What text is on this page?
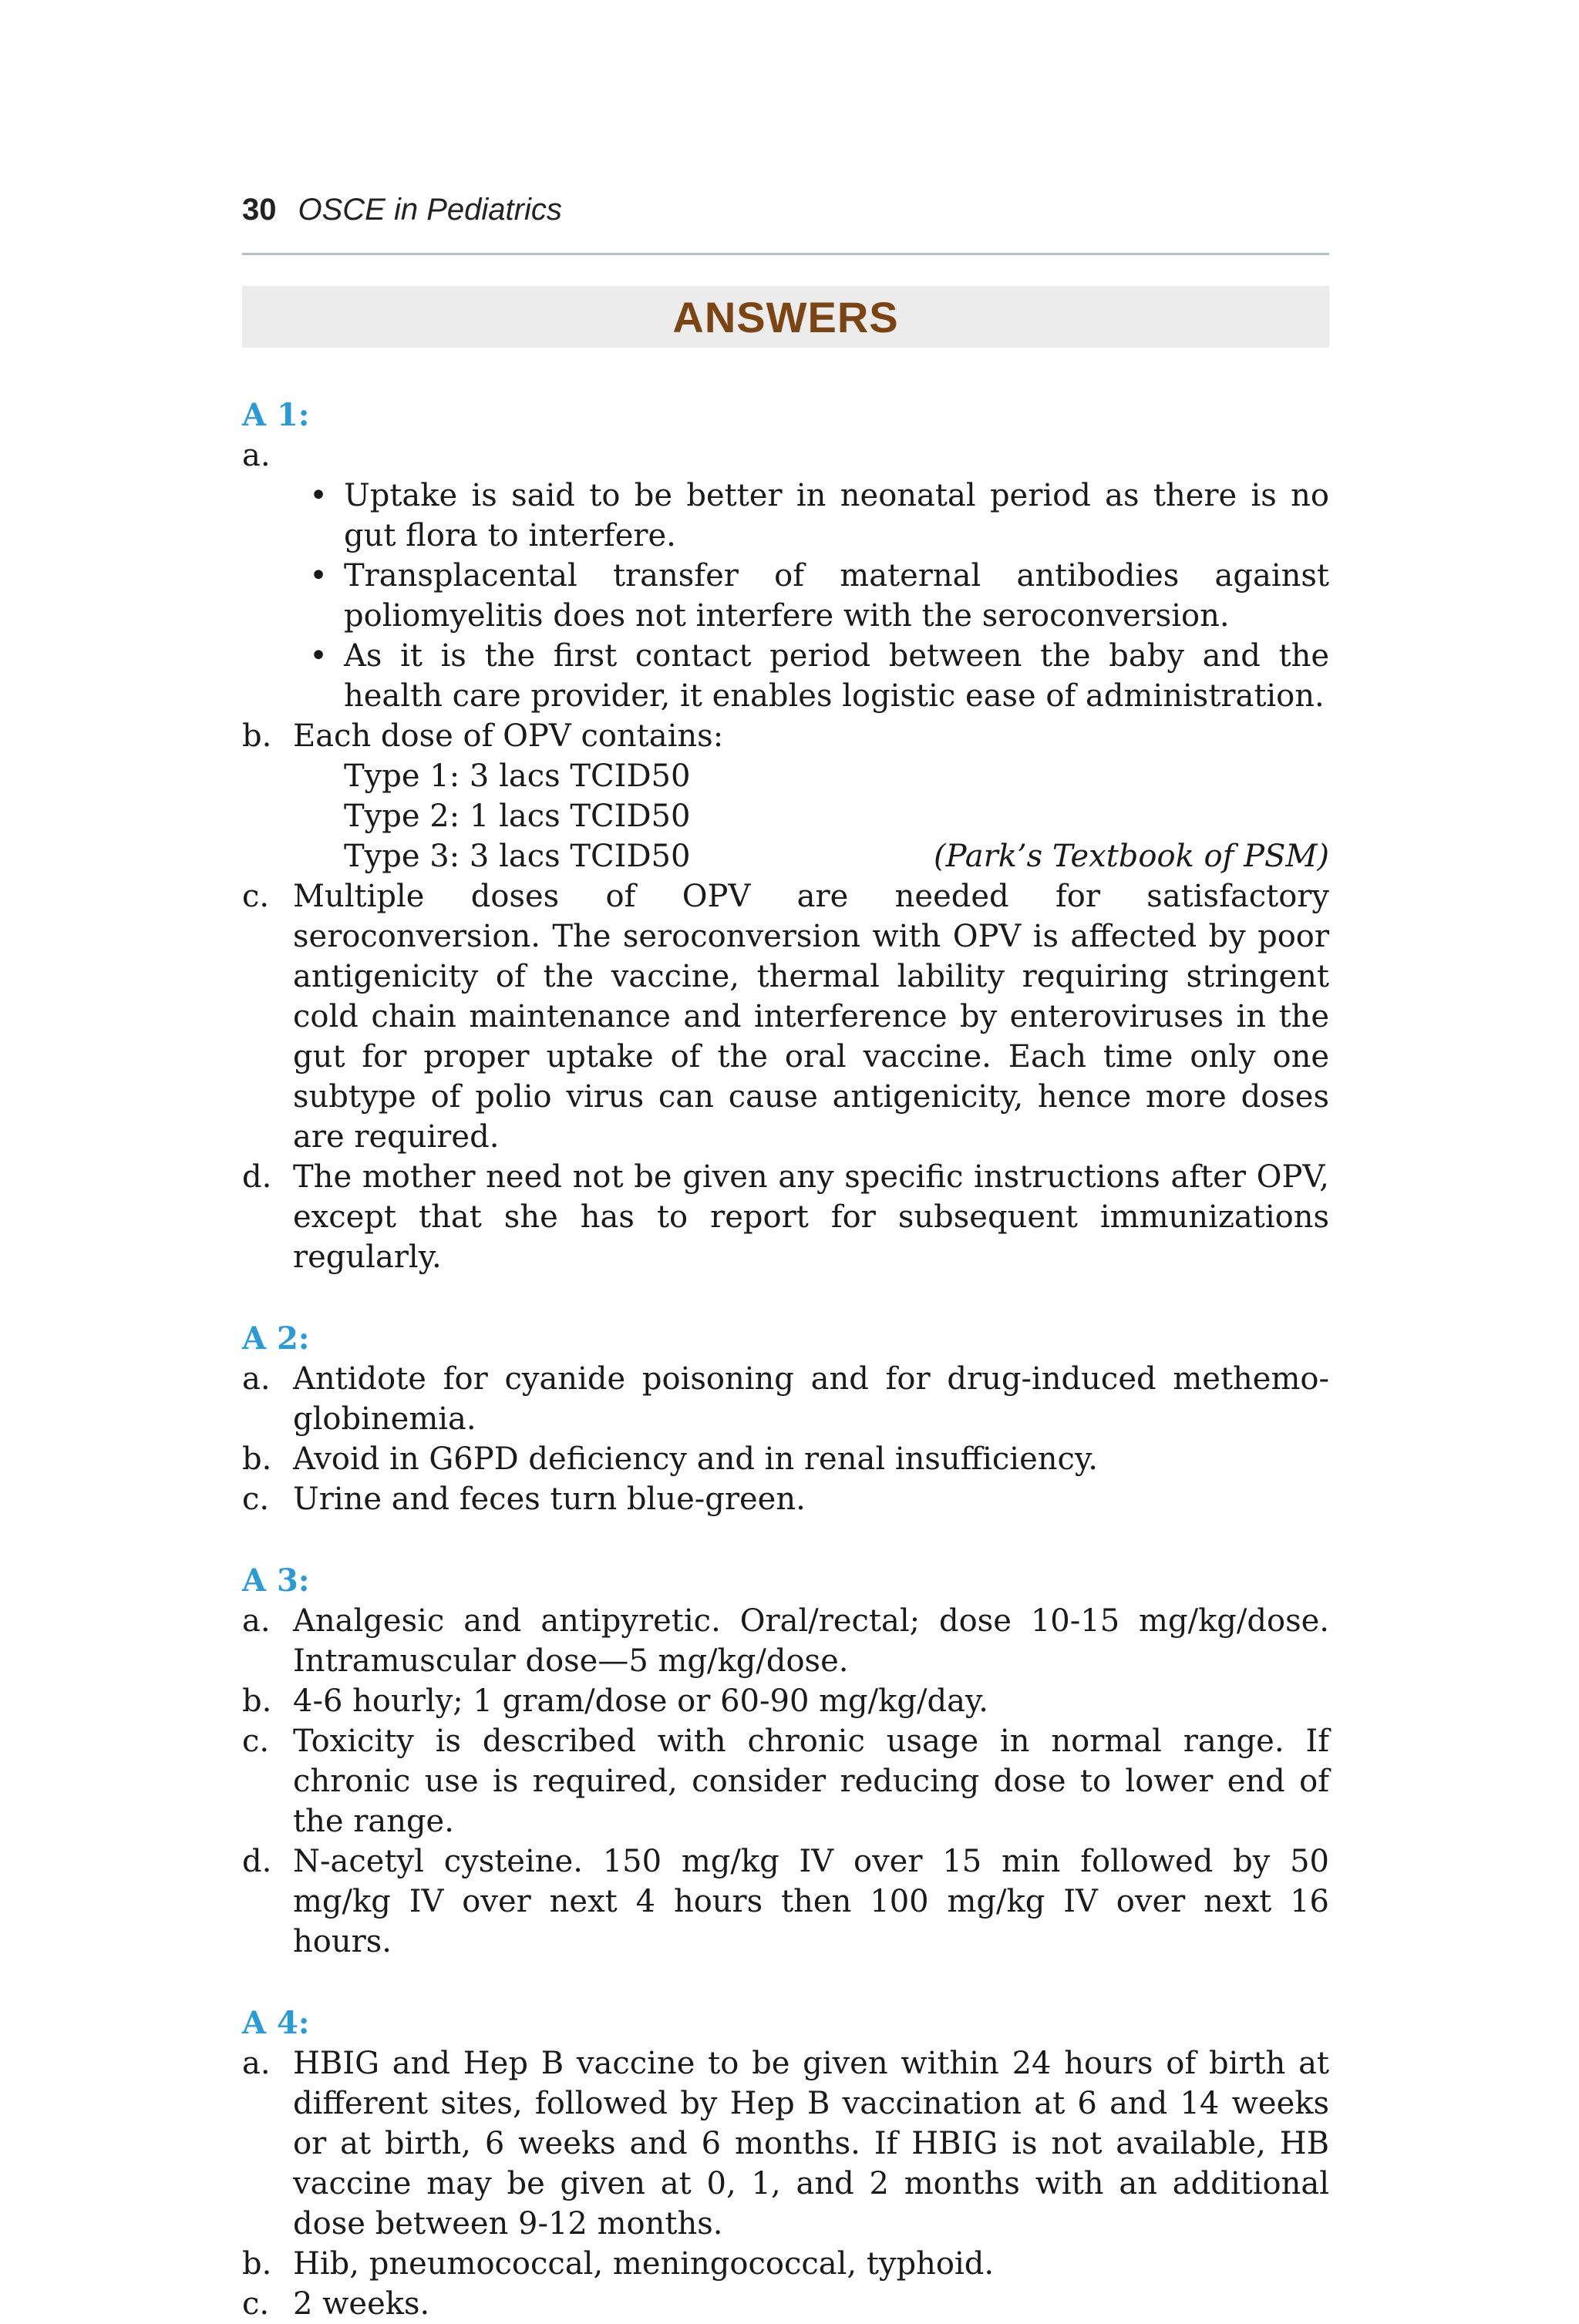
30 OSCE in Pediatrics
ANSWERS
A 1:
a.
• Uptake is said to be better in neonatal period as there is no gut flora to interfere.
• Transplacental transfer of maternal antibodies against poliomyelitis does not interfere with the seroconversion.
• As it is the first contact period between the baby and the health care provider, it enables logistic ease of administration.
b. Each dose of OPV contains:
Type 1: 3 lacs TCID50
Type 2: 1 lacs TCID50
Type 3: 3 lacs TCID50	(Park’s Textbook of PSM)
c. Multiple doses of OPV are needed for satisfactory seroconversion. The seroconversion with OPV is affected by poor antigenicity of the vaccine, thermal lability requiring stringent cold chain maintenance and interference by enteroviruses in the gut for proper uptake of the oral vaccine. Each time only one subtype of polio virus can cause antigenicity, hence more doses are required.
d. The mother need not be given any specific instructions after OPV, except that she has to report for subsequent immunizations regularly.
A 2:
a. Antidote for cyanide poisoning and for drug-induced methemo-globinemia.
b. Avoid in G6PD deficiency and in renal insufficiency.
c. Urine and feces turn blue-green.
A 3:
a. Analgesic and antipyretic. Oral/rectal; dose 10-15 mg/kg/dose. Intramuscular dose—5 mg/kg/dose.
b. 4-6 hourly; 1 gram/dose or 60-90 mg/kg/day.
c. Toxicity is described with chronic usage in normal range. If chronic use is required, consider reducing dose to lower end of the range.
d. N-acetyl cysteine. 150 mg/kg IV over 15 min followed by 50 mg/kg IV over next 4 hours then 100 mg/kg IV over next 16 hours.
A 4:
a. HBIG and Hep B vaccine to be given within 24 hours of birth at different sites, followed by Hep B vaccination at 6 and 14 weeks or at birth, 6 weeks and 6 months. If HBIG is not available, HB vaccine may be given at 0, 1, and 2 months with an additional dose between 9-12 months.
b. Hib, pneumococcal, meningococcal, typhoid.
c. 2 weeks.
